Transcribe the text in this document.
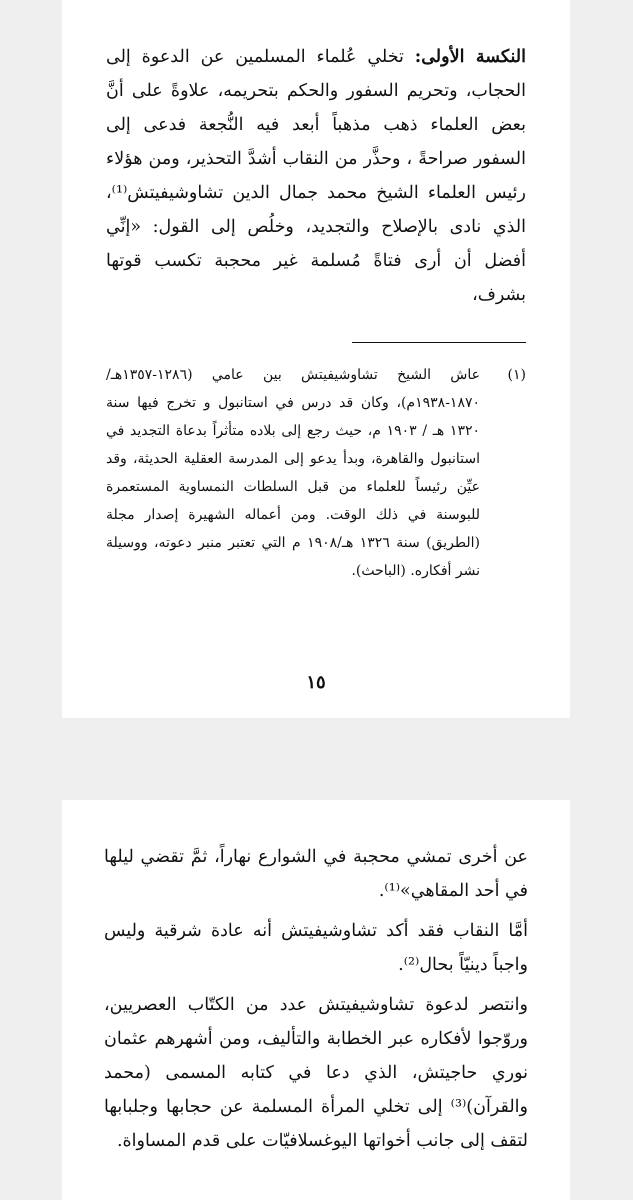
النكسة الأولى: تخلي عُلماء المسلمين عن الدعوة إلى الحجاب، وتحريم السفور والحكم بتحريمه، علاوةً على أنَّ بعض العلماء ذهب مذهباً أبعد فيه النُّجعة فدعى إلى السفور صراحةً ، وحذَّر من النقاب أشدَّ التحذير، ومن هؤلاء رئيس العلماء الشيخ محمد جمال الدين تشاوشيفيتش⁽¹⁾، الذي نادى بالإصلاح والتجديد، وخلُص إلى القول: «إنِّي أفضل أن أرى فتاةً مُسلمة غير محجبة تكسب قوتها بشرف،

(١)

عاش الشيخ تشاوشيفيتش بين عامي (١٢٨٦-١٣٥٧هـ/ ١٨٧٠-١٩٣٨م)، وكان قد درس في استانبول و تخرج فيها سنة ١٣٢٠ هـ / ١٩٠٣ م، حيث رجع إلى بلاده متأثراً بدعاة التجديد في استانبول والقاهرة، وبدأ يدعو إلى المدرسة العقلية الحديثة، وقد عيِّن رئيساً للعلماء من قبل السلطات النمساوية المستعمرة للبوسنة في ذلك الوقت. ومن أعماله الشهيرة إصدار مجلة (الطريق) سنة ١٣٢٦ هـ/١٩٠٨ م التي تعتبر منبر دعوته، ووسيلة نشر أفكاره. (الباحث).

١٥

عن أخرى تمشي محجبة في الشوارع نهاراً، ثمَّ تقضي ليلها في أحد المقاهي»⁽¹⁾.

أمَّا النقاب فقد أكد تشاوشيفيتش أنه عادة شرقية وليس واجباً دينيّاً بحال⁽²⁾.

وانتصر لدعوة تشاوشيفيتش عدد من الكتّاب العصريين، وروّجوا لأفكاره عبر الخطابة والتأليف، ومن أشهرهم عثمان نوري حاجيتش، الذي دعا في كتابه المسمى (محمد والقرآن)⁽³⁾ إلى تخلي المرأة المسلمة عن حجابها وجلبابها لتقف إلى جانب أخواتها اليوغسلافيّات على قدم المساواة.
